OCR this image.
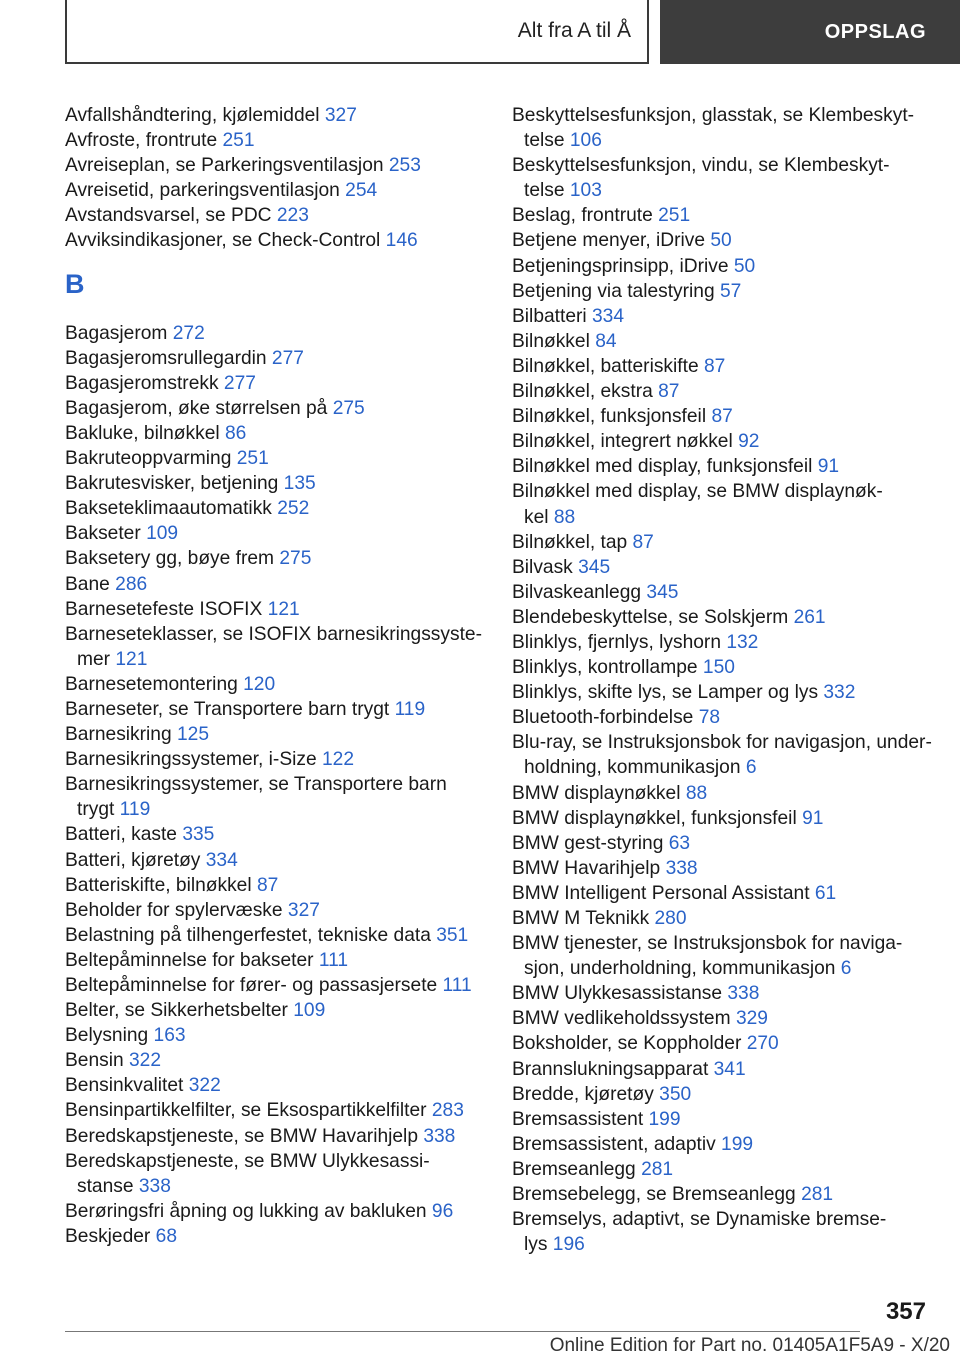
Alt fra A til Å	OPPSLAG
Avfallshåndtering, kjølemiddel 327
Avfroste, frontrute 251
Avreiseplan, se Parkeringsventilasjon 253
Avreisetid, parkeringsventilasjon 254
Avstandsvarsel, se PDC 223
Avviksindikasjoner, se Check-Control 146
B
Bagasjerom 272
Bagasjeromsrullegardin 277
Bagasjeromstrekk 277
Bagasjerom, øke størrelsen på 275
Bakluke, bilnøkkel 86
Bakruteoppvarming 251
Bakrutesvisker, betjening 135
Bakseteklimaautomatikk 252
Bakseter 109
Baksetery gg, bøye frem 275
Bane 286
Barnesetefeste ISOFIX 121
Barneseteklasser, se ISOFIX barnesikringssyste-
mer 121
Barnesetemontering 120
Barneseter, se Transportere barn trygt 119
Barnesikring 125
Barnesikringssystemer, i-Size 122
Barnesikringssystemer, se Transportere barn
trygt 119
Batteri, kaste 335
Batteri, kjøretøy 334
Batteriskifte, bilnøkkel 87
Beholder for spylervæske 327
Belastning på tilhengerfestet, tekniske data 351
Beltepåminnelse for bakseter 111
Beltepåminnelse for fører- og passasjersete 111
Belter, se Sikkerhetsbelter 109
Belysning 163
Bensin 322
Bensinkvalitet 322
Bensinpartikkelfilter, se Eksospartikkelfilter 283
Beredskapstjeneste, se BMW Havarihjelp 338
Beredskapstjeneste, se BMW Ulykkesassi-
stanse 338
Berøringsfri åpning og lukking av bakluken 96
Beskjeder 68
Beskyttelsesfunksjon, glasstak, se Klembeskyt-
telse 106
Beskyttelsesfunksjon, vindu, se Klembeskyt-
telse 103
Beslag, frontrute 251
Betjene menyer, iDrive 50
Betjeningsprinsipp, iDrive 50
Betjening via talestyring 57
Bilbatteri 334
Bilnøkkel 84
Bilnøkkel, batteriskifte 87
Bilnøkkel, ekstra 87
Bilnøkkel, funksjonsfeil 87
Bilnøkkel, integrert nøkkel 92
Bilnøkkel med display, funksjonsfeil 91
Bilnøkkel med display, se BMW displaynøk-
kel 88
Bilnøkkel, tap 87
Bilvask 345
Bilvaskeanlegg 345
Blendebeskyttelse, se Solskjerm 261
Blinklys, fjernlys, lyshorn 132
Blinklys, kontrollampe 150
Blinklys, skifte lys, se Lamper og lys 332
Bluetooth-forbindelse 78
Blu-ray, se Instruksjonsbok for navigasjon, under-
holdning, kommunikasjon 6
BMW displaynøkkel 88
BMW displaynøkkel, funksjonsfeil 91
BMW gest-styring 63
BMW Havarihjelp 338
BMW Intelligent Personal Assistant 61
BMW M Teknikk 280
BMW tjenester, se Instruksjonsbok for naviga-
sjon, underholdning, kommunikasjon 6
BMW Ulykkesassistanse 338
BMW vedlikeholdssystem 329
Boksholder, se Koppholder 270
Brannslukningsapparat 341
Bredde, kjøretøy 350
Bremsassistent 199
Bremsassistent, adaptiv 199
Bremseanlegg 281
Bremsebelegg, se Bremseanlegg 281
Bremselys, adaptivt, se Dynamiske bremse-
lys 196
357
Online Edition for Part no. 01405A1F5A9 - X/20
